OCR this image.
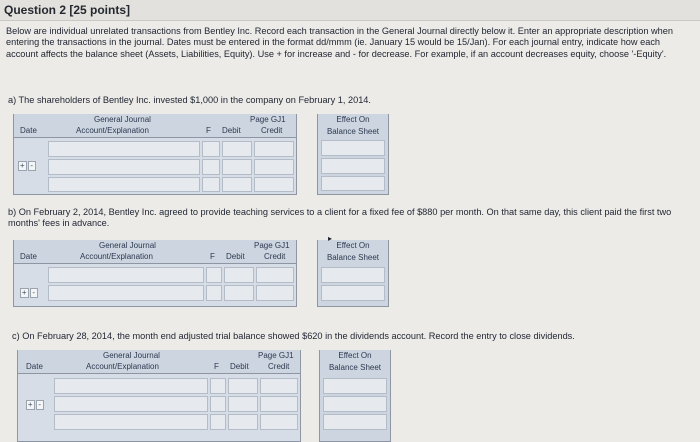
Question 2 [25 points]
Below are individual unrelated transactions from Bentley Inc. Record each transaction in the General Journal directly below it. Enter an appropriate description when entering the transactions in the journal. Dates must be entered in the format dd/mmm (ie. January 15 would be 15/Jan). For each journal entry, indicate how each account affects the balance sheet (Assets, Liabilities, Equity). Use + for increase and - for decrease. For example, if an account decreases equity, choose '-Equity'.
a) The shareholders of Bentley Inc. invested $1,000 in the company on February 1, 2014.
General Journal	Page GJ1
Date	Account/Explanation	F Debit	Credit
+ -
Effect On
Balance Sheet
b) On February 2, 2014, Bentley Inc. agreed to provide teaching services to a client for a fixed fee of $880 per month. On that same day, this client paid the first two months' fees in advance.
General Journal	Page GJ1
Date	Account/Explanation	F Debit Credit
+ -
Effect On
Balance Sheet
c) On February 28, 2014, the month end adjusted trial balance showed $620 in the dividends account. Record the entry to close dividends.
General Journal	Page GJ1
Date	Account/Explanation	F Debit Credit
+ -
Effect On
Balance Sheet
▸
